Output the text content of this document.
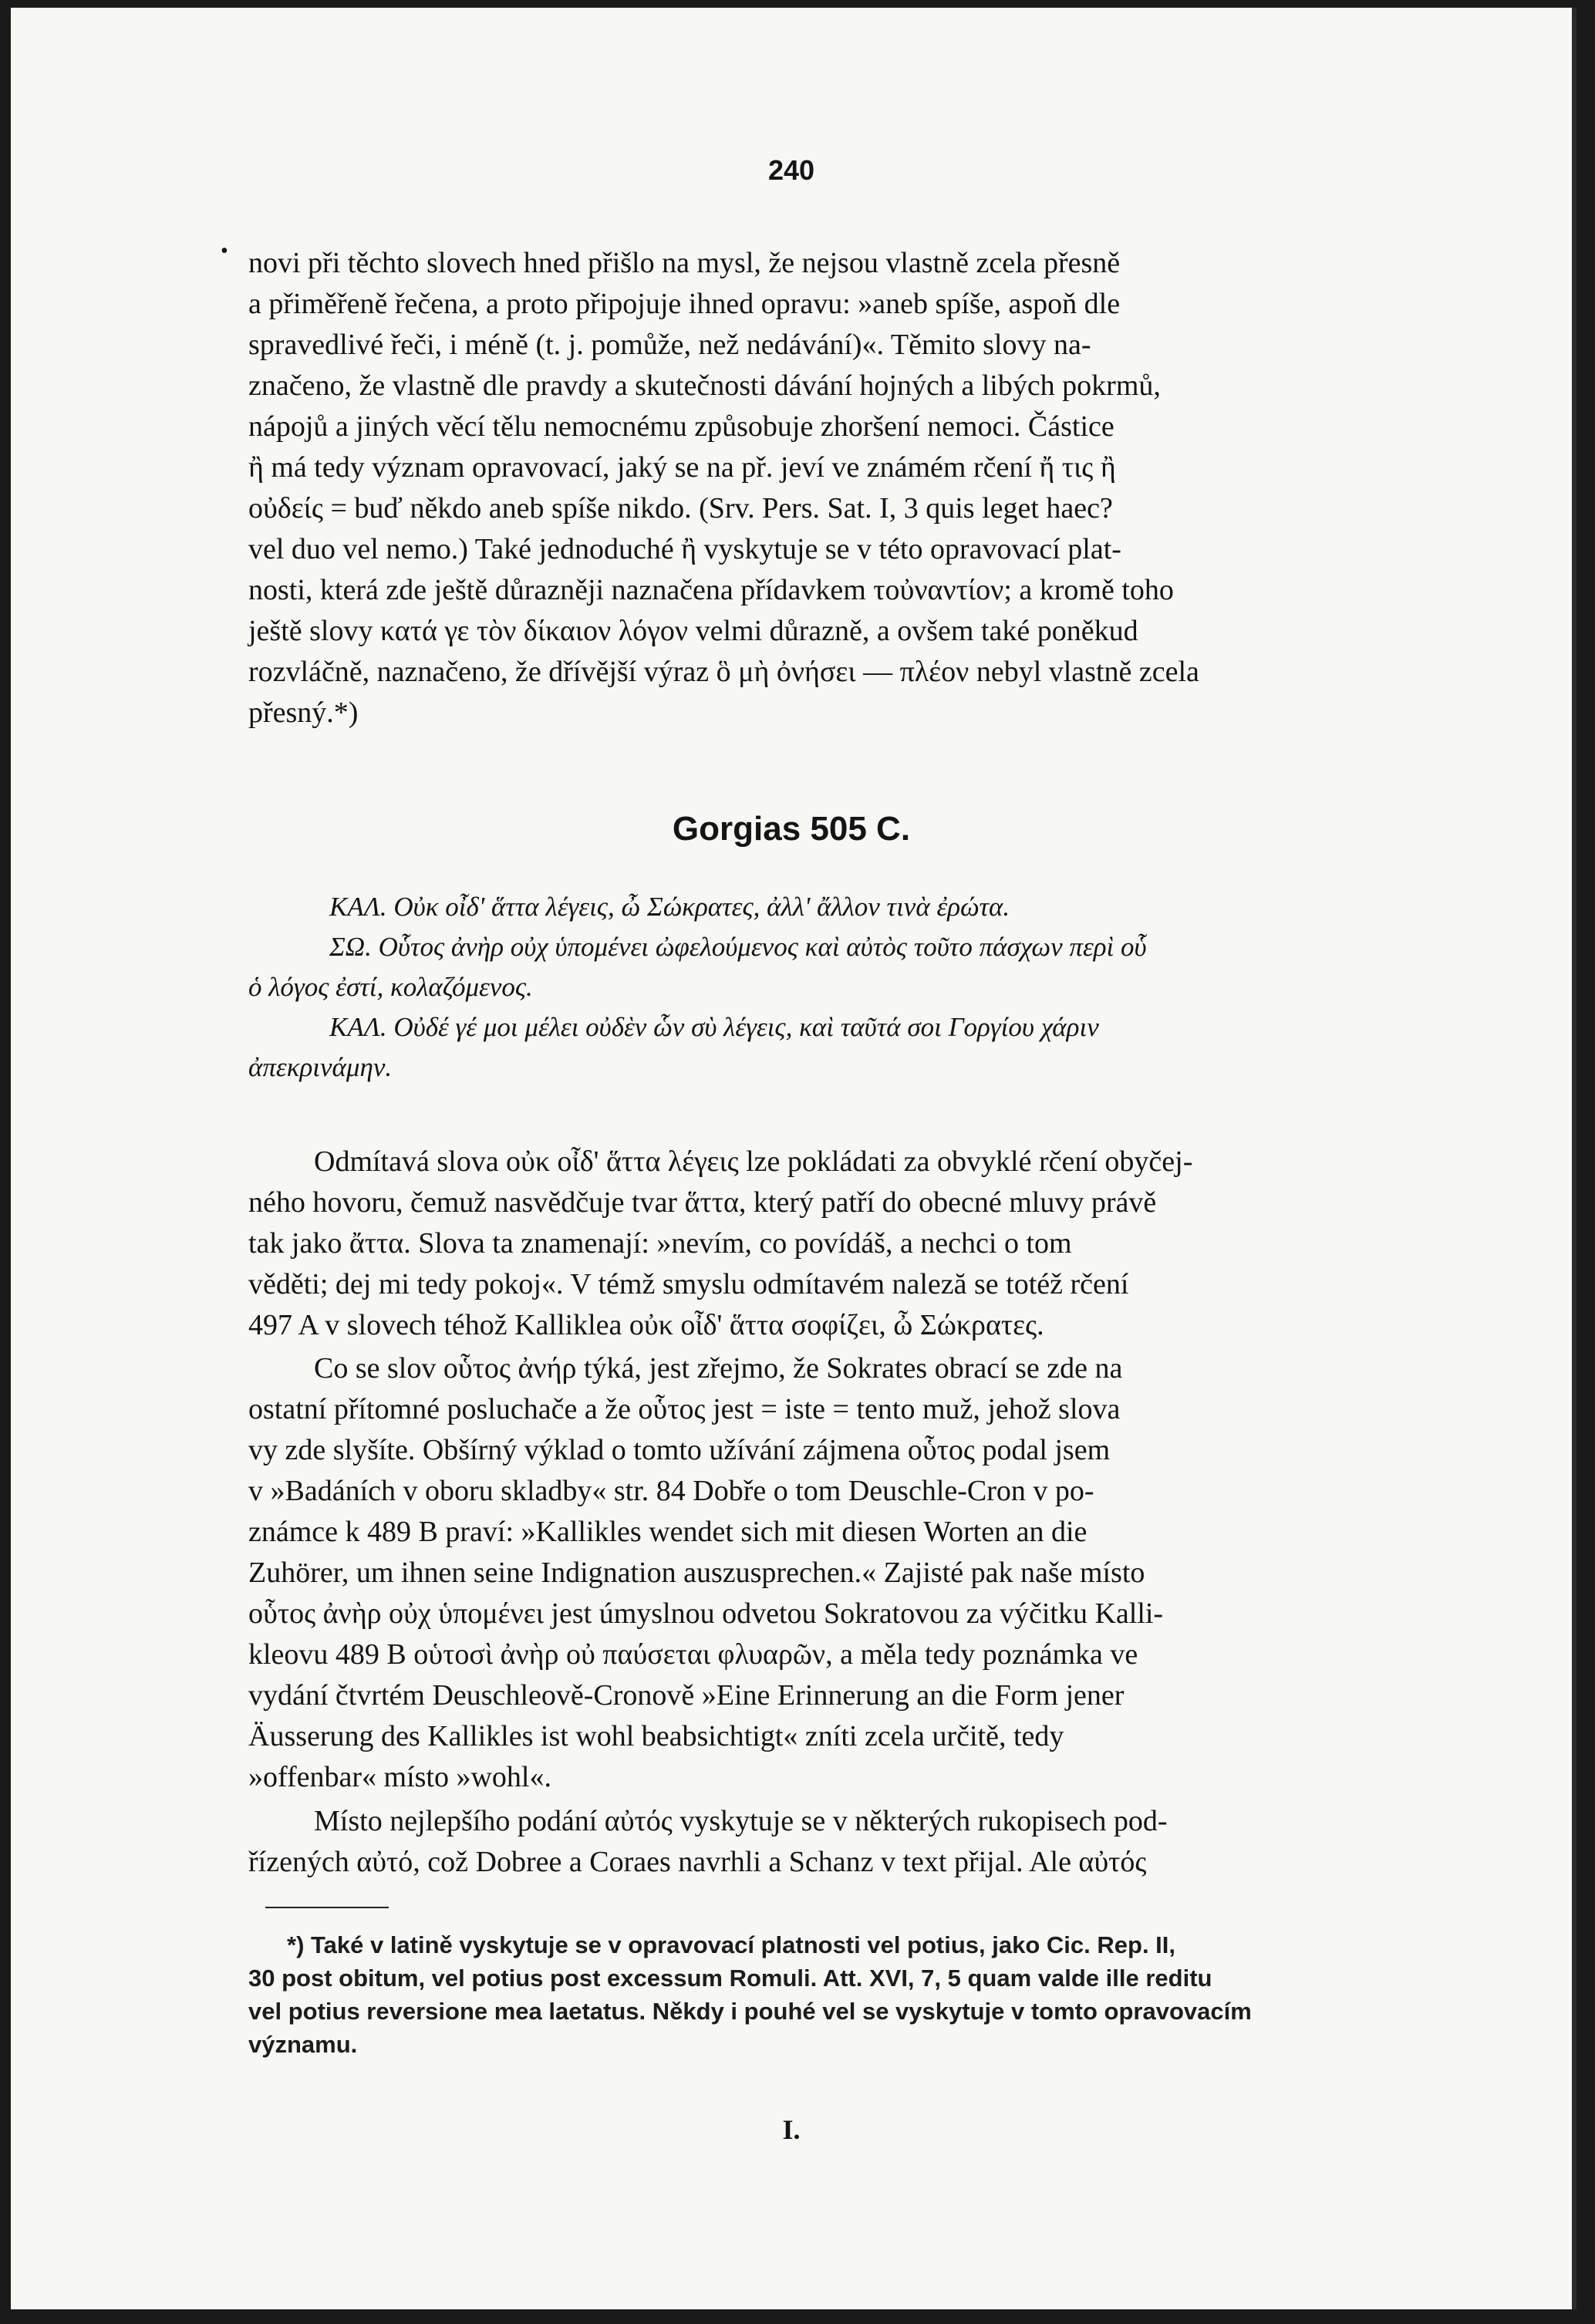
240
• novi při těchto slovech hned přišlo na mysl, že nejsou vlastně zcela přesně

a přiměřeně řečena, a proto připojuje ihned opravu: »aneb spíše, aspoň dle

spravedlivé řeči, i méně (t. j. pomůže, než nedávání)«. Těmito slovy na-

značeno, že vlastně dle pravdy a skutečnosti dávání hojných a libých pokrmů,

nápojů a jiných věcí tělu nemocnému způsobuje zhoršení nemoci. Částice

ἢ má tedy význam opravovací, jaký se na př. jeví ve známém rčení ἤ τις ἢ

οὐδείς = buď někdo aneb spíše nikdo. (Srv. Pers. Sat. I, 3 quis leget haec?

vel duo vel nemo.) Také jednoduché ἢ vyskytuje se v této opravovací plat-

nosti, která zde ještě důrazněji naznačena přídavkem τοὐναντίον; a kromě toho

ještě slovy κατά γε τὸν δίκαιον λόγον velmi důrazně, a ovšem také poněkud

rozvláčně, naznačeno, že dřívější výraz ὃ μὴ ὀνήσει — πλέον nebyl vlastně zcela

přesný.*)

Gorgias 505 C.

ΚΑΛ. Οὐκ οἶδ' ἅττα λέγεις, ὦ Σώκρατες, ἀλλ' ἄλλον τινὰ ἐρώτα.

ΣΩ. Οὗτος ἀνὴρ οὐχ ὑπομένει ὠφελούμενος καὶ αὐτὸς τοῦτο πάσχων περὶ οὗ

ὁ λόγος ἐστί, κολαζόμενος.

ΚΑΛ. Οὐδέ γέ μοι μέλει οὐδὲν ὧν σὺ λέγεις, καὶ ταῦτά σοι Γοργίου χάριν

ἀπεκρινάμην.

Odmítavá slova οὐκ οἶδ' ἅττα λέγεις lze pokládati za obvyklé rčení obyčej-

ného hovoru, čemuž nasvědčuje tvar ἅττα, který patří do obecné mluvy právě

tak jako ἄττα. Slova ta znamenají: »nevím, co povídáš, a nechci o tom

věděti; dej mi tedy pokoj«. V témž smyslu odmítavém naleză se totéž rčení

497 A v slovech téhož Kalliklea οὐκ οἶδ' ἅττα σοφίζει, ὦ Σώκρατες.

Co se slov οὗτος ἀνήρ týká, jest zřejmo, že Sokrates obrací se zde na

ostatní přítomné posluchače a že οὗτος jest = iste = tento muž, jehož slova

vy zde slyšíte. Obšírný výklad o tomto užívání zájmena οὗτος podal jsem

v »Badáních v oboru skladby« str. 84 Dobře o tom Deuschle-Cron v po-

známce k 489 B praví: »Kallikles wendet sich mit diesen Worten an die

Zuhörer, um ihnen seine Indignation auszusprechen.« Zajisté pak naše místo

οὗτος ἀνὴρ οὐχ ὑπομένει jest úmyslnou odvetou Sokratovou za výčitku Kalli-

kleovu 489 B οὑτοσὶ ἀνὴρ οὐ παύσεται φλυαρῶν, a měla tedy poznámka ve

vydání čtvrtém Deuschleově-Cronově »Eine Erinnerung an die Form jener

Äusserung des Kallikles ist wohl beabsichtigt« zníti zcela určitě, tedy

»offenbar« místo »wohl«.

Místo nejlepšího podání αὐτός vyskytuje se v některých rukopisech pod-

řízených αὐτό, což Dobree a Coraes navrhli a Schanz v text přijal. Ale αὐτός

*) Také v latině vyskytuje se v opravovací platnosti vel potius, jako Cic. Rep. II,

30 post obitum, vel potius post excessum Romuli. Att. XVI, 7, 5 quam valde ille reditu

vel potius reversione mea laetatus. Někdy i pouhé vel se vyskytuje v tomto opravovacím

významu.

I.
